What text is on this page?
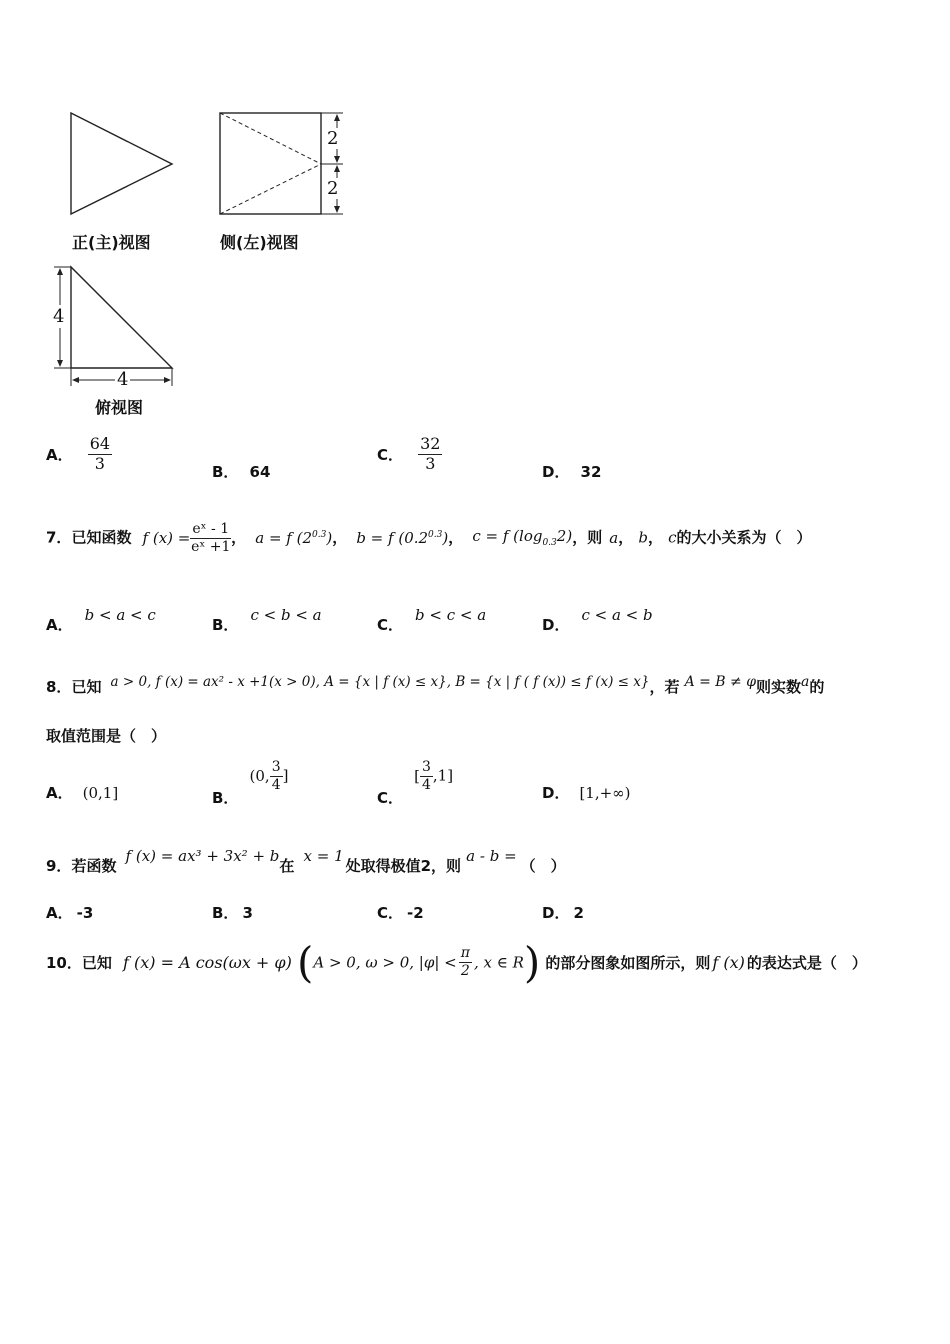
2
2
4
4
正(主)视图	侧(左)视图
俯视图
A． $\frac{64}{3}$	B． 64
C． $\frac{32}{3}$	D． 32
7．已知函数 f $(x) = \frac{\text{eˣ - 1}}{\text{eˣ +1}}$ ， a = f $(2^{0.3})$， b = f $(0.2^{0.3})$， c = f $(\log_{0.3}2)$，则 a， b， c的大小关系为（　）
A．b < a < c
B．c < b < a
C．b < c < a
D．c < a < b
8．已知 a > 0, f (x) = ax² - x +1(x > 0), A = {x | f (x) ≤ x}, B = {x | f ( f (x)) ≤ f (x) ≤ x}，若 A = B ≠ φ则实数a的
取值范围是（　）
A． (0,1]	B． (0, $\frac{3}{4}$ ]
C． [ $\frac{3}{4} ,1$]
D． [1,+∞)
9．若函数 f (x) = ax³ + 3x² + b在 x = 1处取得极值2，则 a - b =（　）
A． -3	B． 3	C． -2	D． 2
10．已知 f (x) = A cos(ωx + φ) (A > 0, ω > 0, $|\varphi| < \frac{\pi}{2}$ , x ∈ R) 的部分图象如图所示，则 f (x) 的表达式是（　）
